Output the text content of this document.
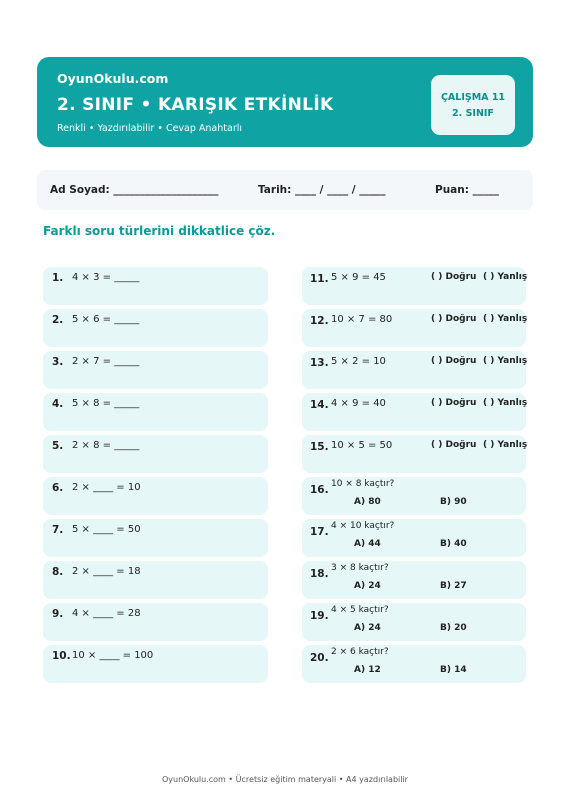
OyunOkulu.com
2. SINIF • KARIŞIK ETKİNLİK
Renkli • Yazdırılabilir • Cevap Anahtarlı
ÇALIŞMA 11
2. SINIF
Ad Soyad: ____________________	Tarih: ____ / ____ / _____	Puan: _____
Farklı soru türlerini dikkatlice çöz.
1. 4 × 3 = _____
2. 5 × 6 = _____
3. 2 × 7 = _____
4. 5 × 8 = _____
5. 2 × 8 = _____
6. 2 × ____ = 10
7. 5 × ____ = 50
8. 2 × ____ = 18
9. 4 × ____ = 28
10. 10 × ____ = 100
11. 5 × 9 = 45	( ) Doğru ( ) Yanlış
12. 10 × 7 = 80	( ) Doğru ( ) Yanlış
13. 5 × 2 = 10	( ) Doğru ( ) Yanlış
14. 4 × 9 = 40	( ) Doğru ( ) Yanlış
15. 10 × 5 = 50	( ) Doğru ( ) Yanlış
16. 10 × 8 kaçtır?
A) 80	B) 90
17. 4 × 10 kaçtır?
A) 44	B) 40
18. 3 × 8 kaçtır?
A) 24	B) 27
19. 4 × 5 kaçtır?
A) 24	B) 20
20. 2 × 6 kaçtır?
A) 12	B) 14
OyunOkulu.com • Ücretsiz eğitim materyali • A4 yazdırılabilir
